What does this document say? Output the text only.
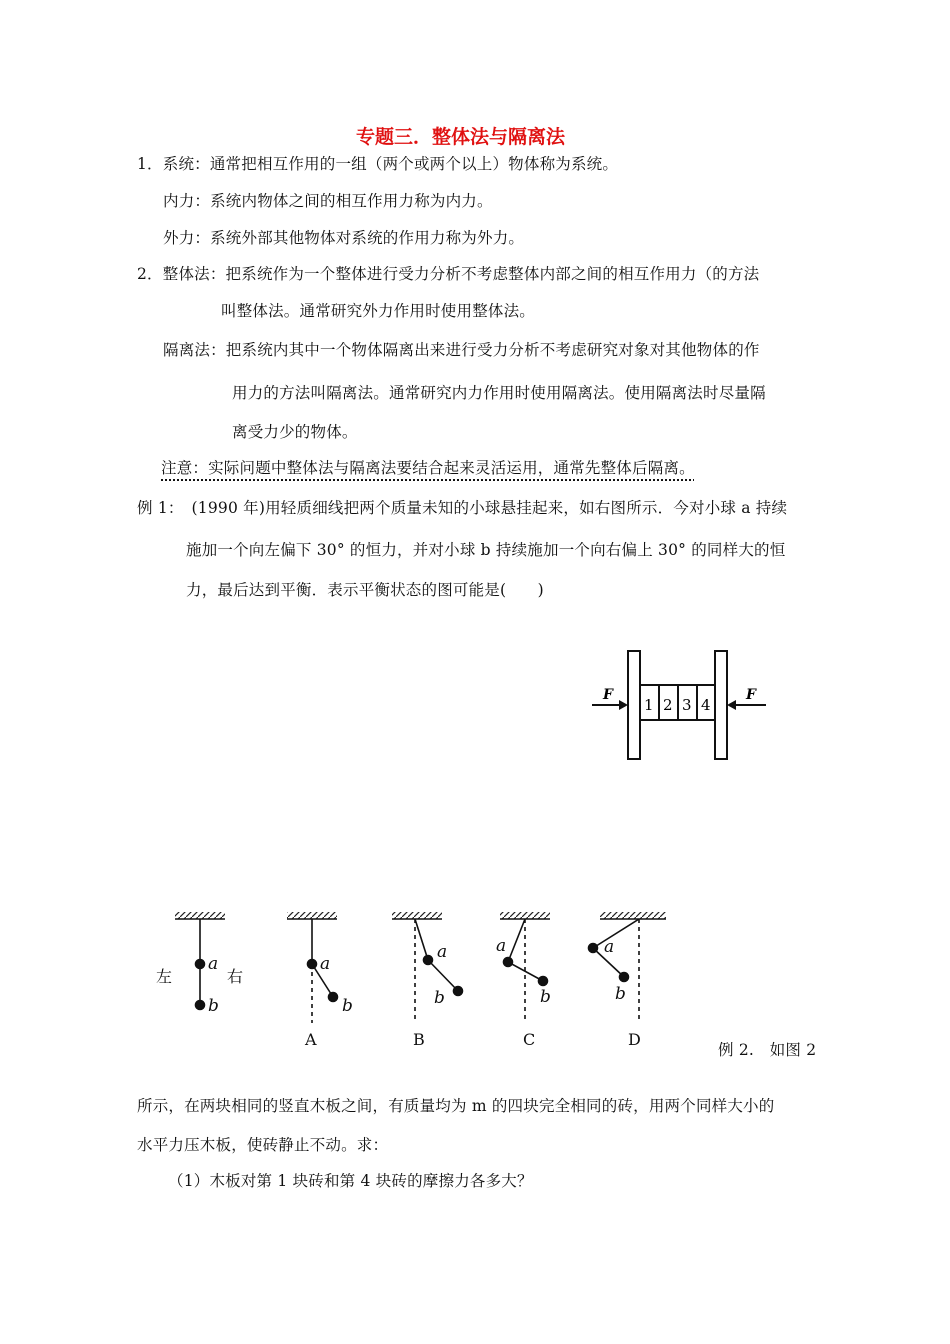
专题三．整体法与隔离法
1．系统：通常把相互作用的一组（两个或两个以上）物体称为系统。
内力：系统内物体之间的相互作用力称为内力。
外力：系统外部其他物体对系统的作用力称为外力。
2．整体法：把系统作为一个整体进行受力分析不考虑整体内部之间的相互作用力（的方法
叫整体法。通常研究外力作用时使用整体法。
隔离法：把系统内其中一个物体隔离出来进行受力分析不考虑研究对象对其他物体的作
用力的方法叫隔离法。通常研究内力作用时使用隔离法。使用隔离法时尽量隔
离受力少的物体。
注意：实际问题中整体法与隔离法要结合起来灵活运用，通常先整体后隔离。
例 1：　(1990 年)用轻质细线把两个质量未知的小球悬挂起来，如右图所示．今对小球 a 持续
施加一个向左偏下 30° 的恒力，并对小球 b 持续施加一个向右偏上 30° 的同样大的恒
力，最后达到平衡．表示平衡状态的图可能是(　　)
F	F
1 2 3 4
左	右
a
b
a
b
a
b
a
b
a
b
A	B	C	D
例 2.　如图 2
所示，在两块相同的竖直木板之间，有质量均为 m 的四块完全相同的砖，用两个同样大小的
水平力压木板，使砖静止不动。求：
（1）木板对第 1 块砖和第 4 块砖的摩擦力各多大？
